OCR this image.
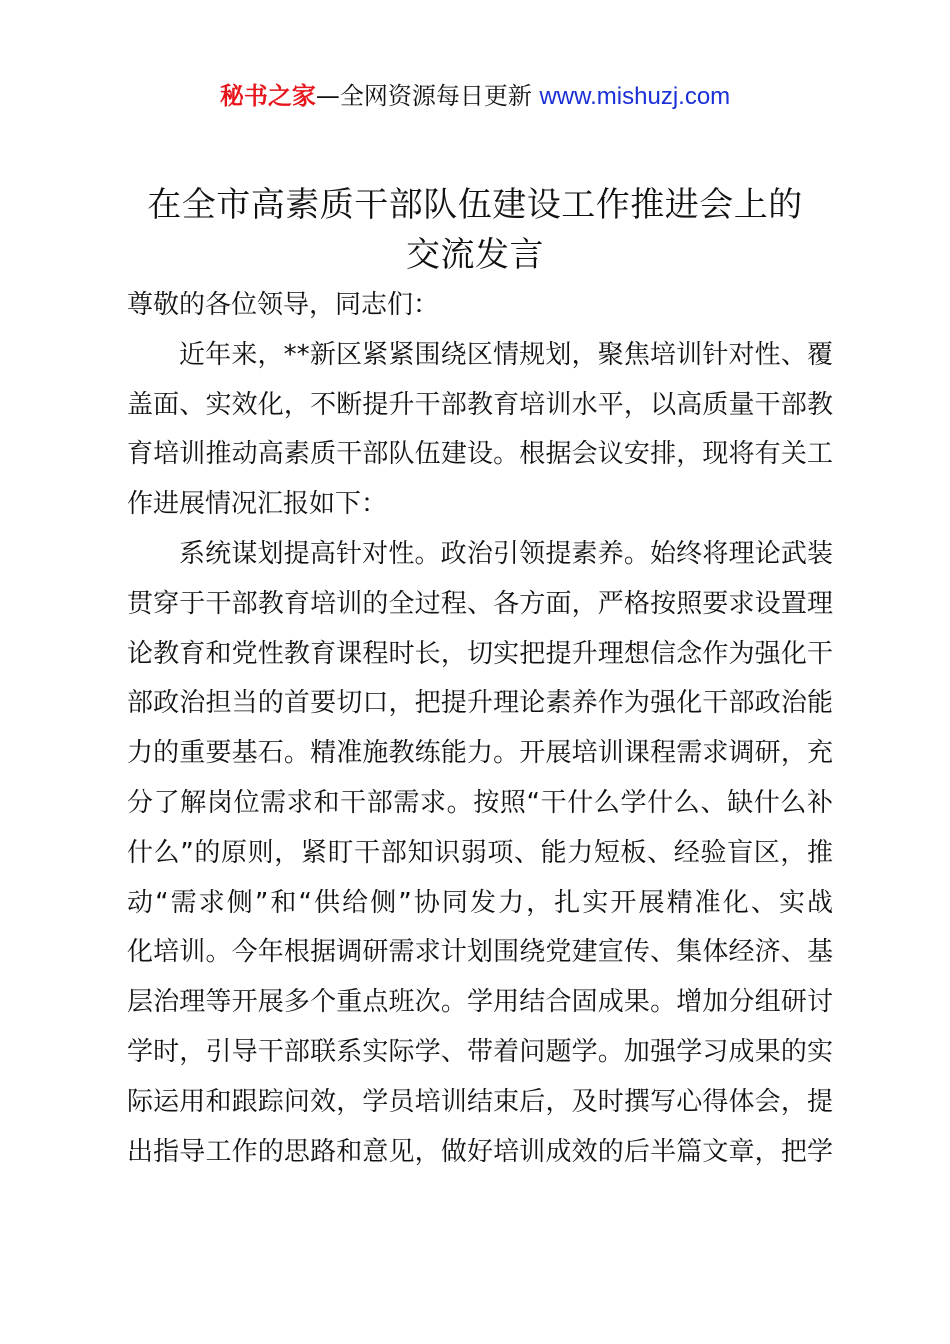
秘书之家—全网资源每日更新 www.mishuzj.com
在全市高素质干部队伍建设工作推进会上的
交流发言

尊敬的各位领导，同志们：

近年来，**新区紧紧围绕区情规划，聚焦培训针对性、覆

盖面、实效化，不断提升干部教育培训水平，以高质量干部教

育培训推动高素质干部队伍建设。根据会议安排，现将有关工

作进展情况汇报如下：

系统谋划提高针对性。政治引领提素养。始终将理论武装

贯穿于干部教育培训的全过程、各方面，严格按照要求设置理

论教育和党性教育课程时长，切实把提升理想信念作为强化干

部政治担当的首要切口，把提升理论素养作为强化干部政治能

力的重要基石。精准施教练能力。开展培训课程需求调研，充

分了解岗位需求和干部需求。按照“干什么学什么、缺什么补

什么”的原则，紧盯干部知识弱项、能力短板、经验盲区，推

动“需求侧”和“供给侧”协同发力，扎实开展精准化、实战

化培训。今年根据调研需求计划围绕党建宣传、集体经济、基

层治理等开展多个重点班次。学用结合固成果。增加分组研讨

学时，引导干部联系实际学、带着问题学。加强学习成果的实

际运用和跟踪问效，学员培训结束后，及时撰写心得体会，提

出指导工作的思路和意见，做好培训成效的后半篇文章，把学
